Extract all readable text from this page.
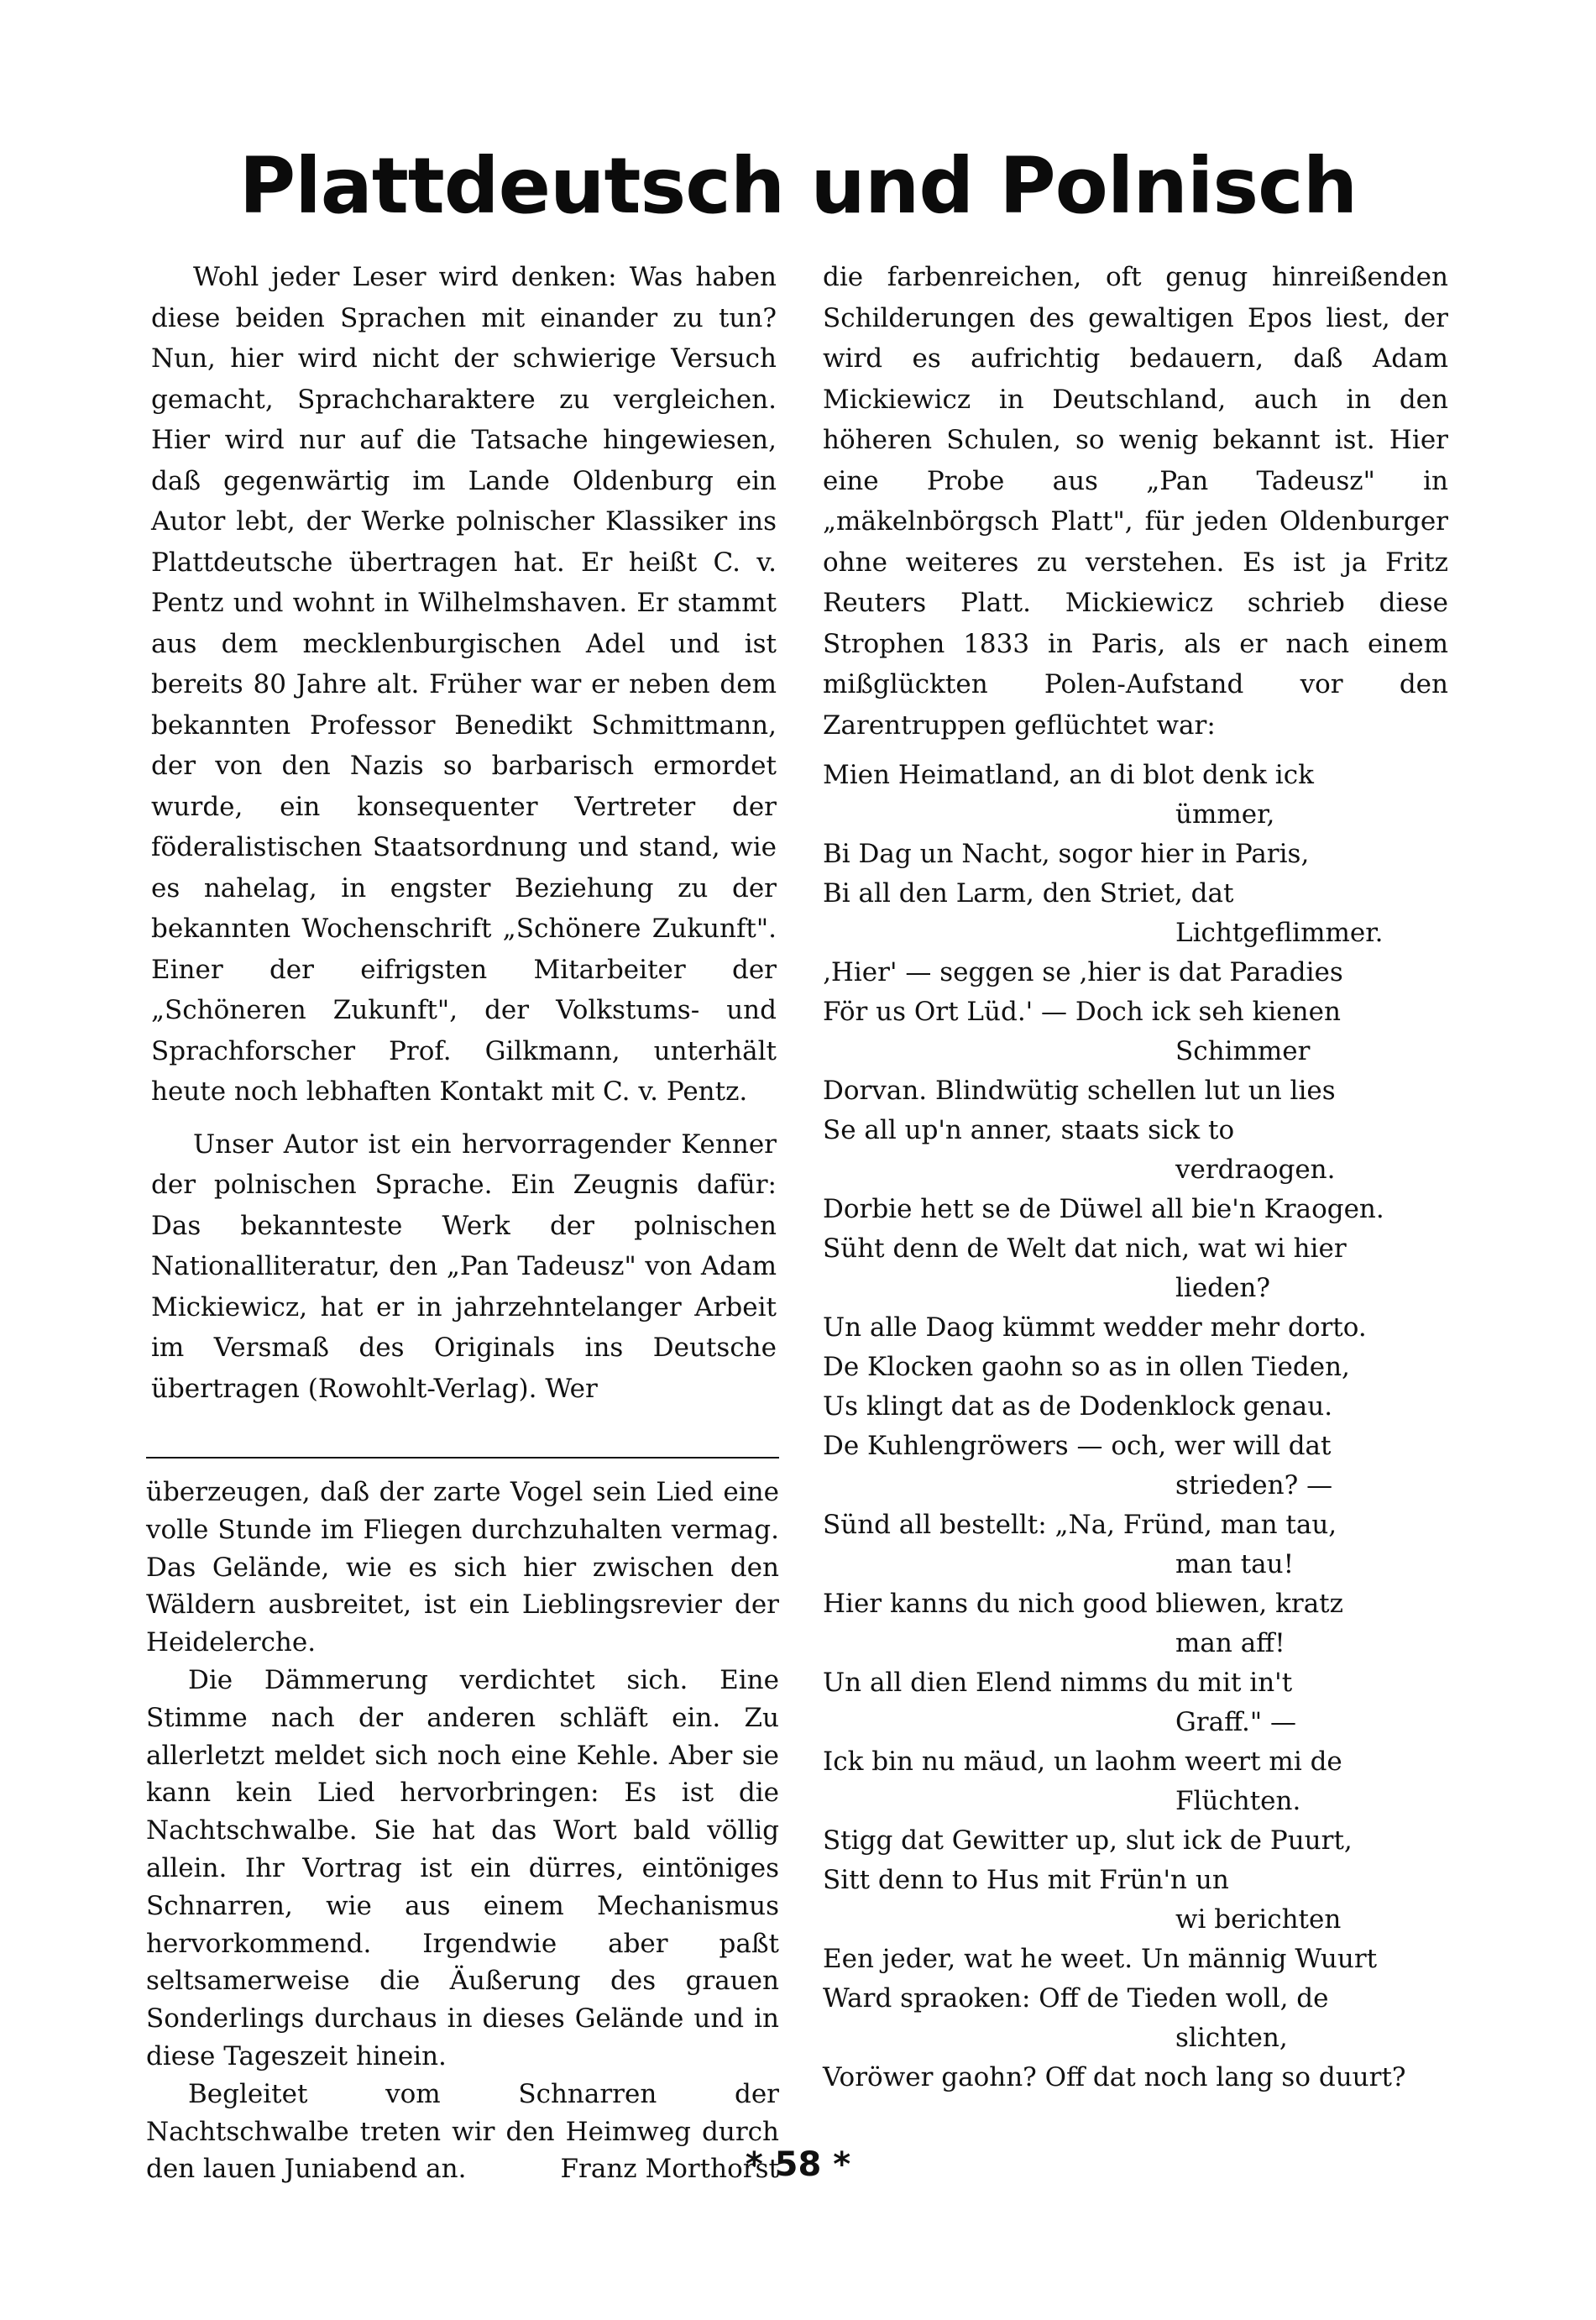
Plattdeutsch und Polnisch

Wohl jeder Leser wird denken: Was haben diese beiden Sprachen mit einander zu tun? Nun, hier wird nicht der schwierige Versuch gemacht, Sprachcharaktere zu vergleichen. Hier wird nur auf die Tatsache hingewiesen, daß gegenwärtig im Lande Oldenburg ein Autor lebt, der Werke polnischer Klassiker ins Plattdeutsche übertragen hat. Er heißt C. v. Pentz und wohnt in Wilhelmshaven. Er stammt aus dem mecklenburgischen Adel und ist bereits 80 Jahre alt. Früher war er neben dem bekannten Professor Benedikt Schmittmann, der von den Nazis so barbarisch ermordet wurde, ein konsequenter Vertreter der föderalistischen Staatsordnung und stand, wie es nahelag, in engster Beziehung zu der bekannten Wochenschrift „Schönere Zukunft". Einer der eifrigsten Mitarbeiter der „Schöneren Zukunft", der Volkstums- und Sprachforscher Prof. Gilkmann, unterhält heute noch lebhaften Kontakt mit C. v. Pentz.

Unser Autor ist ein hervorragender Kenner der polnischen Sprache. Ein Zeugnis dafür: Das bekannteste Werk der polnischen Nationalliteratur, den „Pan Tadeusz" von Adam Mickiewicz, hat er in jahrzehntelanger Arbeit im Versmaß des Originals ins Deutsche übertragen (Rowohlt-Verlag). Wer

die farbenreichen, oft genug hinreißenden Schilderungen des gewaltigen Epos liest, der wird es aufrichtig bedauern, daß Adam Mickiewicz in Deutschland, auch in den höheren Schulen, so wenig bekannt ist. Hier eine Probe aus „Pan Tadeusz" in „mäkelnbörgsch Platt", für jeden Oldenburger ohne weiteres zu verstehen. Es ist ja Fritz Reuters Platt. Mickiewicz schrieb diese Strophen 1833 in Paris, als er nach einem mißglückten Polen-Aufstand vor den Zarentruppen geflüchtet war:

überzeugen, daß der zarte Vogel sein Lied eine volle Stunde im Fliegen durchzuhalten vermag. Das Gelände, wie es sich hier zwischen den Wäldern ausbreitet, ist ein Lieblingsrevier der Heidelerche.

Die Dämmerung verdichtet sich. Eine Stimme nach der anderen schläft ein. Zu allerletzt meldet sich noch eine Kehle. Aber sie kann kein Lied hervorbringen: Es ist die Nachtschwalbe. Sie hat das Wort bald völlig allein. Ihr Vortrag ist ein dürres, eintöniges Schnarren, wie aus einem Mechanismus hervorkommend. Irgendwie aber paßt seltsamerweise die Äußerung des grauen Sonderlings durchaus in dieses Gelände und in diese Tageszeit hinein.

Begleitet vom Schnarren der Nachtschwalbe treten wir den Heimweg durch den lauen Juniabend an.	Franz Morthorst

Mien Heimatland, an di blot denk ick
ümmer,
Bi Dag un Nacht, sogor hier in Paris,
Bi all den Larm, den Striet, dat
Lichtgeflimmer.
‚Hier' — seggen se ‚hier is dat Paradies
För us Ort Lüd.' — Doch ick seh kienen
Schimmer
Dorvan. Blindwütig schellen lut un lies
Se all up'n anner, staats sick to
verdraogen.
Dorbie hett se de Düwel all bie'n Kraogen.
Süht denn de Welt dat nich, wat wi hier
lieden?
Un alle Daog kümmt wedder mehr dorto.
De Klocken gaohn so as in ollen Tieden,
Us klingt dat as de Dodenklock genau.
De Kuhlengröwers — och, wer will dat
strieden? —
Sünd all bestellt: „Na, Fründ, man tau,
man tau!
Hier kanns du nich good bliewen, kratz
man aff!
Un all dien Elend nimms du mit in't
Graff." —
Ick bin nu mäud, un laohm weert mi de
Flüchten.
Stigg dat Gewitter up, slut ick de Puurt,
Sitt denn to Hus mit Frün'n un
wi berichten
Een jeder, wat he weet. Un männig Wuurt
Ward spraoken: Off de Tieden woll, de
slichten,
Voröwer gaohn? Off dat noch lang so duurt?
* 58 *
